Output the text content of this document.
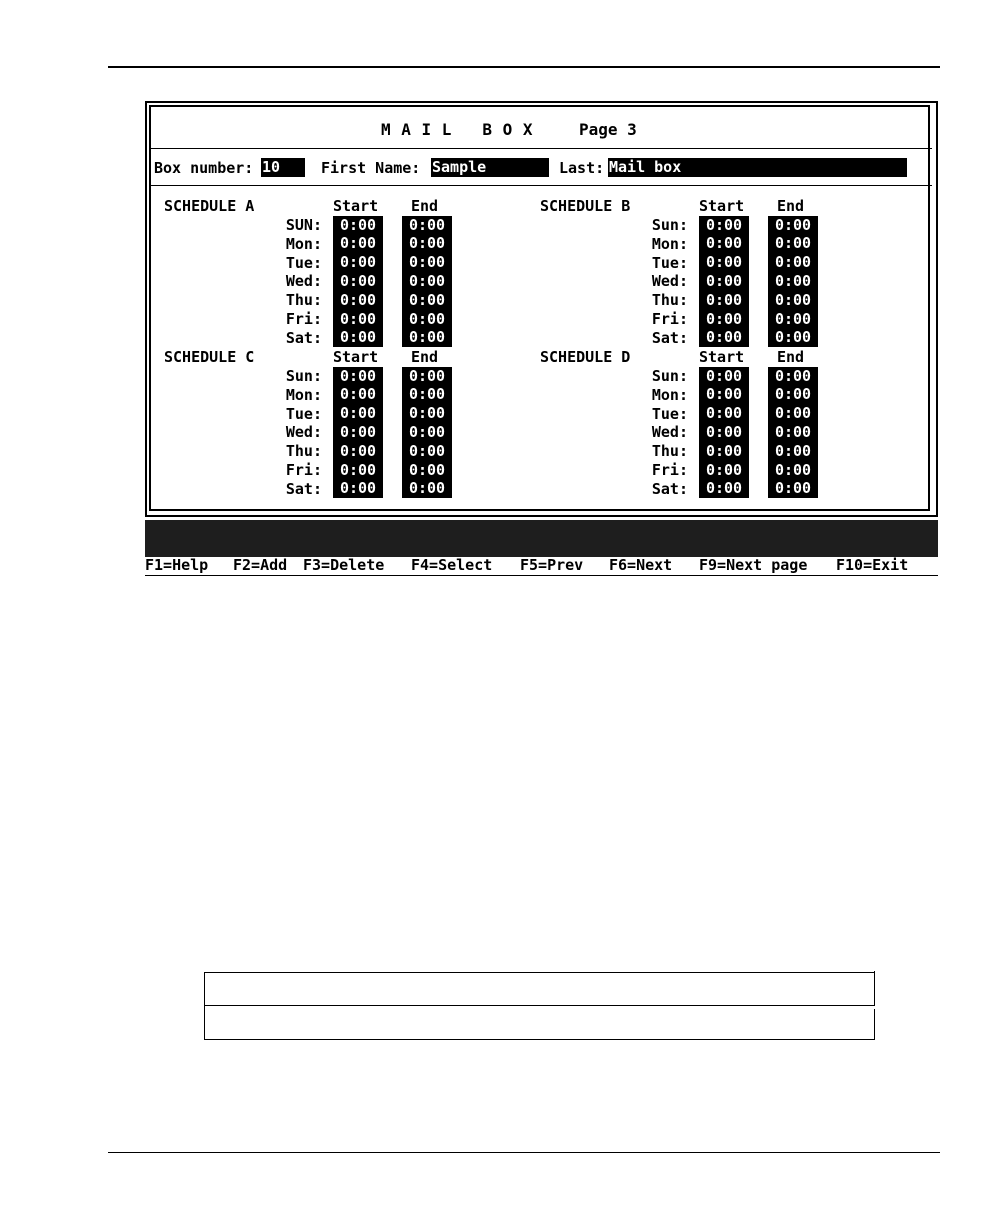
M A I L   B O X	Page 3
Box number: 10	First Name: Sample	Last: Mail box
SCHEDULE A	Start End
SUN:	0:00	0:00
Mon:	0:00	0:00
Tue:	0:00	0:00
Wed:	0:00	0:00
Thu:	0:00	0:00
Fri:	0:00	0:00
Sat:	0:00	0:00
SCHEDULE B	Start End
Sun:	0:00	0:00
Mon:	0:00	0:00
Tue:	0:00	0:00
Wed:	0:00	0:00
Thu:	0:00	0:00
Fri:	0:00	0:00
Sat:	0:00	0:00
SCHEDULE C	Start End
Sun:	0:00	0:00
Mon:	0:00	0:00
Tue:	0:00	0:00
Wed:	0:00	0:00
Thu:	0:00	0:00
Fri:	0:00	0:00
Sat:	0:00	0:00
SCHEDULE D	Start End
Sun:	0:00	0:00
Mon:	0:00	0:00
Tue:	0:00	0:00
Wed:	0:00	0:00
Thu:	0:00	0:00
Fri:	0:00	0:00
Sat:	0:00	0:00
F1=Help F2=Add F3=Delete F4=Select F5=Prev F6=Next F9=Next page F10=Exit
